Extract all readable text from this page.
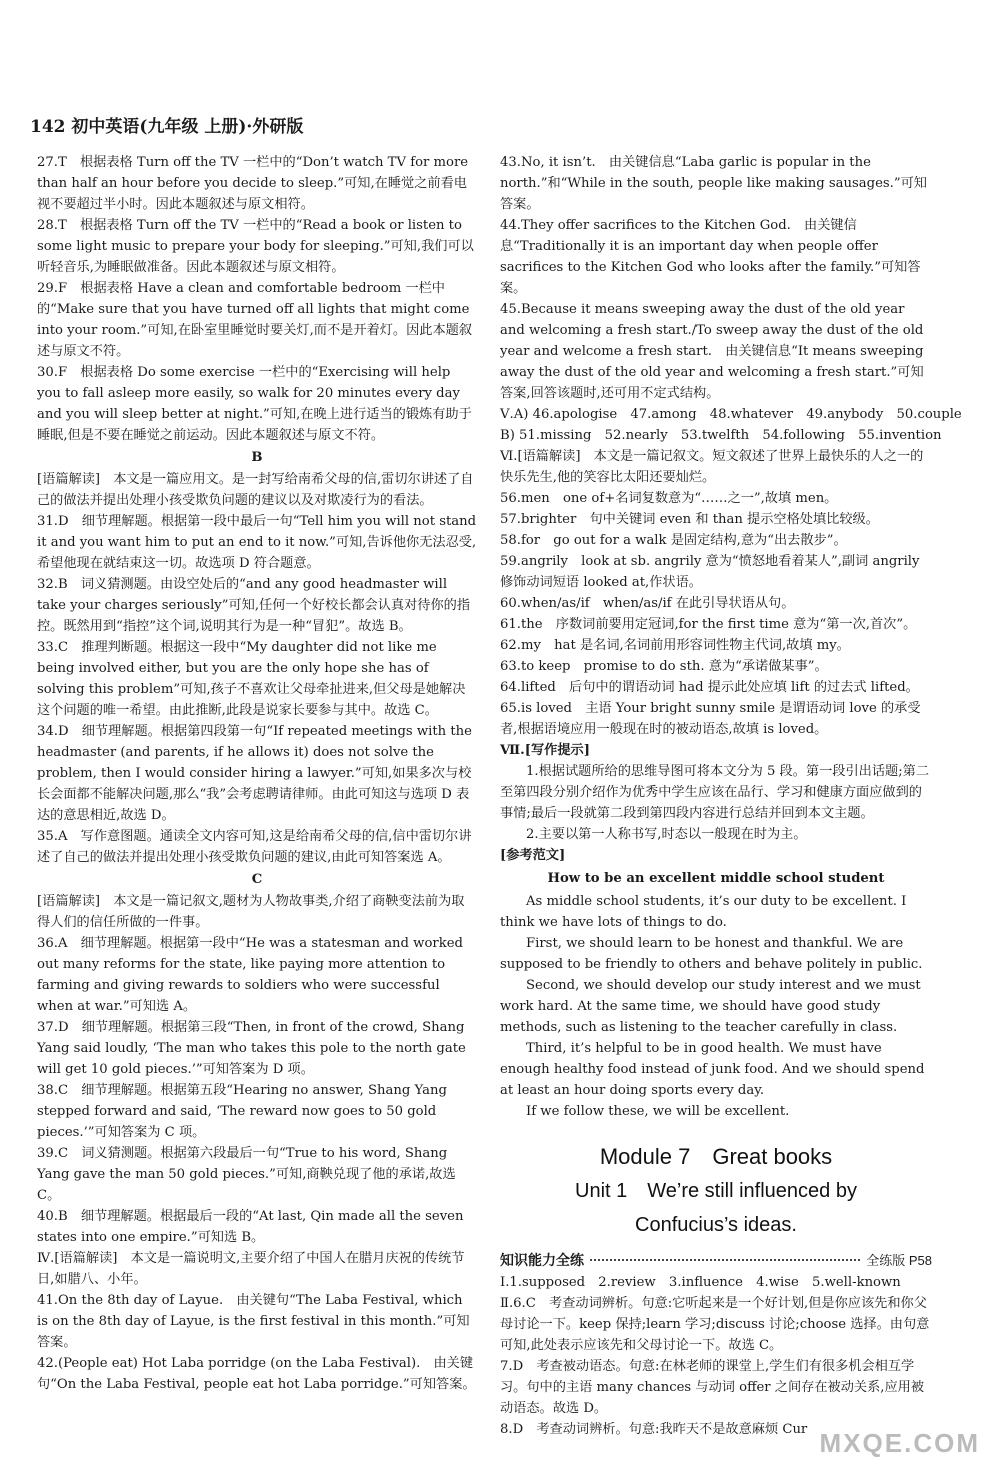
142 初中英语(九年级 上册)·外研版
27.T　根据表格 Turn off the TV 一栏中的“Don’t watch TV for more than half an hour before you decide to sleep.”可知,在睡觉之前看电视不要超过半小时。因此本题叙述与原文相符。
28.T　根据表格 Turn off the TV 一栏中的“Read a book or listen to some light music to prepare your body for sleeping.”可知,我们可以听轻音乐,为睡眠做准备。因此本题叙述与原文相符。
29.F　根据表格 Have a clean and comfortable bedroom 一栏中的“Make sure that you have turned off all lights that might come into your room.”可知,在卧室里睡觉时要关灯,而不是开着灯。因此本题叙述与原文不符。
30.F　根据表格 Do some exercise 一栏中的“Exercising will help you to fall asleep more easily, so walk for 20 minutes every day and you will sleep better at night.”可知,在晚上进行适当的锻炼有助于睡眠,但是不要在睡觉之前运动。因此本题叙述与原文不符。
B
[语篇解读]　本文是一篇应用文。是一封写给南希父母的信,雷切尔讲述了自己的做法并提出处理小孩受欺负问题的建议以及对欺凌行为的看法。
31.D　细节理解题。根据第一段中最后一句“Tell him you will not stand it and you want him to put an end to it now.”可知,告诉他你无法忍受,希望他现在就结束这一切。故选项 D 符合题意。
32.B　词义猜测题。由设空处后的“and any good headmaster will take your charges seriously”可知,任何一个好校长都会认真对待你的指控。既然用到“指控”这个词,说明其行为是一种“冒犯”。故选 B。
33.C　推理判断题。根据这一段中“My daughter did not like me being involved either, but you are the only hope she has of solving this problem”可知,孩子不喜欢让父母牵扯进来,但父母是她解决这个问题的唯一希望。由此推断,此段是说家长要参与其中。故选 C。
34.D　细节理解题。根据第四段第一句“If repeated meetings with the headmaster (and parents, if he allows it) does not solve the problem, then I would consider hiring a lawyer.”可知,如果多次与校长会面都不能解决问题,那么“我”会考虑聘请律师。由此可知这与选项 D 表达的意思相近,故选 D。
35.A　写作意图题。通读全文内容可知,这是给南希父母的信,信中雷切尔讲述了自己的做法并提出处理小孩受欺负问题的建议,由此可知答案选 A。
C
[语篇解读]　本文是一篇记叙文,题材为人物故事类,介绍了商鞅变法前为取得人们的信任所做的一件事。
36.A　细节理解题。根据第一段中“He was a statesman and worked out many reforms for the state, like paying more attention to farming and giving rewards to soldiers who were successful when at war.”可知选 A。
37.D　细节理解题。根据第三段“Then, in front of the crowd, Shang Yang said loudly, ‘The man who takes this pole to the north gate will get 10 gold pieces.’”可知答案为 D 项。
38.C　细节理解题。根据第五段“Hearing no answer, Shang Yang stepped forward and said, ‘The reward now goes to 50 gold pieces.’”可知答案为 C 项。
39.C　词义猜测题。根据第六段最后一句“True to his word, Shang Yang gave the man 50 gold pieces.”可知,商鞅兑现了他的承诺,故选 C。
40.B　细节理解题。根据最后一段的“At last, Qin made all the seven states into one empire.”可知选 B。
Ⅳ.[语篇解读]　本文是一篇说明文,主要介绍了中国人在腊月庆祝的传统节日,如腊八、小年。
41.On the 8th day of Layue.　由关键句“The Laba Festival, which is on the 8th day of Layue, is the first festival in this month.”可知答案。
42.(People eat) Hot Laba porridge (on the Laba Festival).　由关键句“On the Laba Festival, people eat hot Laba porridge.”可知答案。
43.No, it isn’t.　由关键信息“Laba garlic is popular in the north.”和“While in the south, people like making sausages.”可知答案。
44.They offer sacrifices to the Kitchen God.　由关键信息“Traditionally it is an important day when people offer sacrifices to the Kitchen God who looks after the family.”可知答案。
45.Because it means sweeping away the dust of the old year and welcoming a fresh start./To sweep away the dust of the old year and welcome a fresh start.　由关键信息“It means sweeping away the dust of the old year and welcoming a fresh start.”可知答案,回答该题时,还可用不定式结构。
Ⅴ.A) 46.apologise　47.among　48.whatever　49.anybody　50.couple
B) 51.missing　52.nearly　53.twelfth　54.following　55.invention
Ⅵ.[语篇解读]　本文是一篇记叙文。短文叙述了世界上最快乐的人之一的快乐先生,他的笑容比太阳还要灿烂。
56.men　one of+名词复数意为“……之一”,故填 men。
57.brighter　句中关键词 even 和 than 提示空格处填比较级。
58.for　go out for a walk 是固定结构,意为“出去散步”。
59.angrily　look at sb. angrily 意为“愤怒地看着某人”,副词 angrily 修饰动词短语 looked at,作状语。
60.when/as/if　when/as/if 在此引导状语从句。
61.the　序数词前要用定冠词,for the first time 意为“第一次,首次”。
62.my　hat 是名词,名词前用形容词性物主代词,故填 my。
63.to keep　promise to do sth. 意为“承诺做某事”。
64.lifted　后句中的谓语动词 had 提示此处应填 lift 的过去式 lifted。
65.is loved　主语 Your bright sunny smile 是谓语动词 love 的承受者,根据语境应用一般现在时的被动语态,故填 is loved。
Ⅶ.[写作提示]
1.根据试题所给的思维导图可将本文分为 5 段。第一段引出话题;第二至第四段分别介绍作为优秀中学生应该在品行、学习和健康方面应做到的事情;最后一段就第二段到第四段内容进行总结并回到本文主题。
2.主要以第一人称书写,时态以一般现在时为主。
[参考范文]
How to be an excellent middle school student
As middle school students, it’s our duty to be excellent. I think we have lots of things to do.
First, we should learn to be honest and thankful. We are supposed to be friendly to others and behave politely in public.
Second, we should develop our study interest and we must work hard. At the same time, we should have good study methods, such as listening to the teacher carefully in class.
Third, it’s helpful to be in good health. We must have enough healthy food instead of junk food. And we should spend at least an hour doing sports every day.
If we follow these, we will be excellent.
Module 7　Great books
Unit 1　We’re still influenced by
Confucius’s ideas.
知识能力全练	全练版 P58
Ⅰ.1.supposed　2.review　3.influence　4.wise　5.well-known
Ⅱ.6.C　考查动词辨析。句意:它听起来是一个好计划,但是你应该先和你父母讨论一下。keep 保持;learn 学习;discuss 讨论;choose 选择。由句意可知,此处表示应该先和父母讨论一下。故选 C。
7.D　考查被动语态。句意:在林老师的课堂上,学生们有很多机会相互学习。句中的主语 many chances 与动词 offer 之间存在被动关系,应用被动语态。故选 D。
8.D　考查动词辨析。句意:我昨天不是故意麻烦 Cur MXQE.COM
